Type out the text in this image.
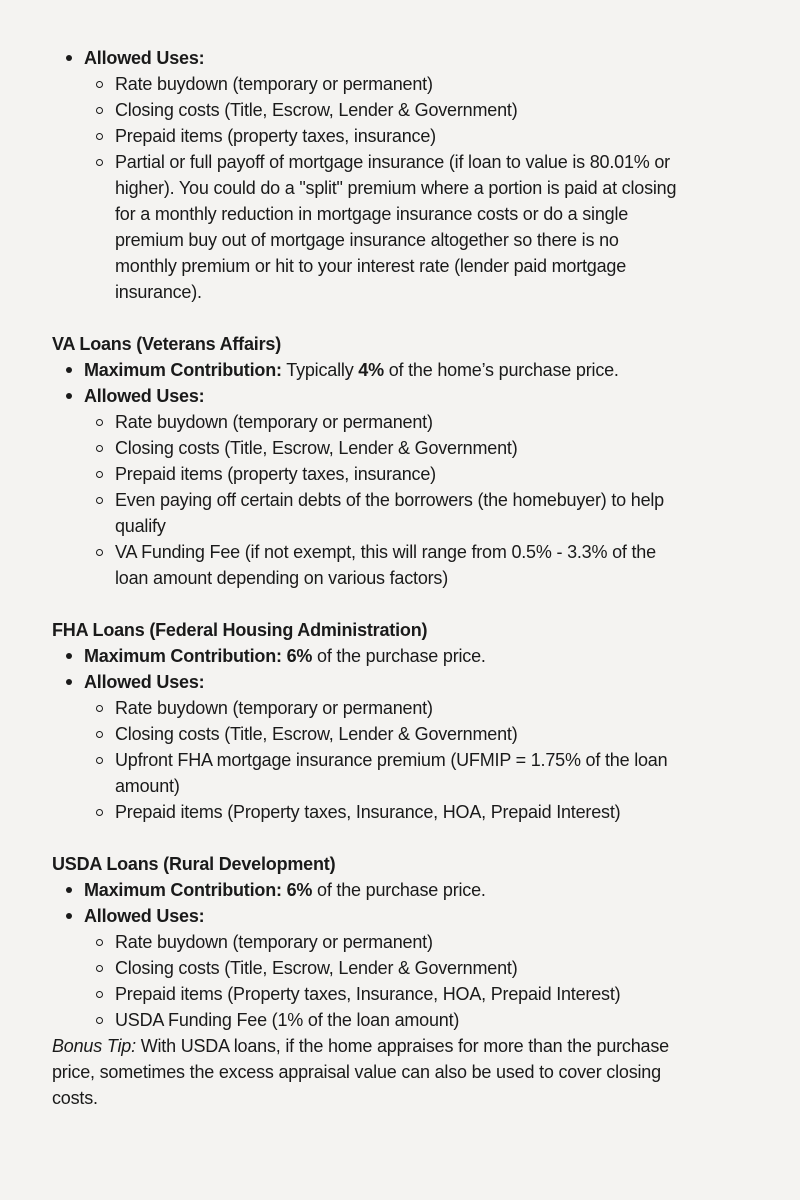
Allowed Uses:
Rate buydown (temporary or permanent)
Closing costs (Title, Escrow, Lender & Government)
Prepaid items (property taxes, insurance)
Partial or full payoff of mortgage insurance (if loan to value is 80.01% or
higher). You could do a "split" premium where a portion is paid at closing
for a monthly reduction in mortgage insurance costs or do a single
premium buy out of mortgage insurance altogether so there is no
monthly premium or hit to your interest rate (lender paid mortgage
insurance).
VA Loans (Veterans Affairs)
Maximum Contribution: Typically 4% of the home’s purchase price.
Allowed Uses:
Rate buydown (temporary or permanent)
Closing costs (Title, Escrow, Lender & Government)
Prepaid items (property taxes, insurance)
Even paying off certain debts of the borrowers (the homebuyer) to help
qualify
VA Funding Fee (if not exempt, this will range from 0.5% - 3.3% of the
loan amount depending on various factors)
FHA Loans (Federal Housing Administration)
Maximum Contribution: 6% of the purchase price.
Allowed Uses:
Rate buydown (temporary or permanent)
Closing costs (Title, Escrow, Lender & Government)
Upfront FHA mortgage insurance premium (UFMIP = 1.75% of the loan
amount)
Prepaid items (Property taxes, Insurance, HOA, Prepaid Interest)
USDA Loans (Rural Development)
Maximum Contribution: 6% of the purchase price.
Allowed Uses:
Rate buydown (temporary or permanent)
Closing costs (Title, Escrow, Lender & Government)
Prepaid items (Property taxes, Insurance, HOA, Prepaid Interest)
USDA Funding Fee (1% of the loan amount)
Bonus Tip: With USDA loans, if the home appraises for more than the purchase
price, sometimes the excess appraisal value can also be used to cover closing
costs.
